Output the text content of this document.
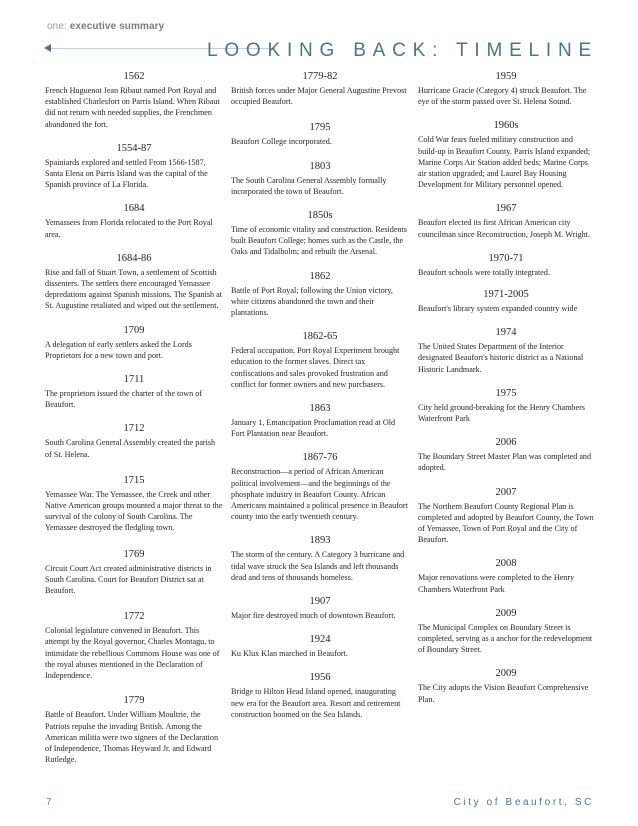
one: executive summary
LOOKING BACK: TIMELINE
1562
French Huguenot Jean Ribaut named Port Royal and established Charlesfort on Parris Island. When Ribaut did not return with needed supplies, the Frenchmen abandoned the fort.
1554-87
Spainiards explored and settled From 1566-1587, Santa Elena on Parris Island was the capital of the Spanish province of La Florida.
1684
Yemassees from Florida relocated to the Port Royal area.
1684-86
Rise and fall of Stuart Town, a settlement of Scottish dissenters. The settlers there encouraged Yemassee depredations against Spanish missions. The Spanish at St. Augustine retaliated and wiped out the settlement.
1709
A delegation of early settlers asked the Lords Proprietors for a new town and port.
1711
The proprietors issued the charter of the town of Beaufort.
1712
South Carolina General Assembly created the parish of St. Helena.
1715
Yemassee War. The Yemassee, the Creek and other Native American groups mounted a major threat to the survival of the colony of South Carolina. The Yemassee destroyed the fledgling town.
1769
Circuit Court Act created administrative districts in South Carolina. Court for Beaufort District sat at Beaufort.
1772
Colonial legislature convened in Beaufort. This attempt by the Royal governor, Charles Montagu, to intimidate the rebellious Commons House was one of the royal abuses mentioned in the Declaration of Independence.
1779
Battle of Beaufort. Under William Moultrie, the Patriots repulse the invading British. Among the American militia were two signers of the Declaration of Independence, Thomas Heyward Jr. and Edward Rutledge.
1779-82
British forces under Major General Augustine Prevost occupied Beaufort.
1795
Beaufort College incorporated.
1803
The South Carolina General Assembly formally incorporated the town of Beaufort.
1850s
Time of economic vitality and construction. Residents built Beaufort College; homes such as the Castle, the Oaks and Tidalholm; and rebuilt the Arsenal.
1862
Battle of Port Royal; following the Union victory, white citizens abandoned the town and their plantations.
1862-65
Federal occupation. Port Royal Experiment brought education to the former slaves. Direct tax confiscations and sales provoked frustration and conflict for former owners and new purchasers.
1863
January 1, Emancipation Proclamation read at Old Fort Plantation near Beaufort.
1867-76
Reconstruction—a period of African American political involvement—and the beginnings of the phosphate industry in Beaufort County. African Americans maintained a political presence in Beaufort county into the early twentieth century.
1893
The storm of the century. A Category 3 hurricane and tidal wave struck the Sea Islands and left thousands dead and tens of thousands homeless.
1907
Major fire destroyed much of downtown Beaufort.
1924
Ku Klux Klan marched in Beaufort.
1956
Bridge to Hilton Head Island opened, inaugurating new era for the Beaufort area. Resort and retirement construction boomed on the Sea Islands.
1959
Hurricane Gracie (Category 4) struck Beaufort. The eye of the storm passed over St. Helena Sound.
1960s
Cold War fears fueled military construction and build-up in Beaufort County. Parris Island expanded; Marine Corps Air Station added beds; Marine Corps air station upgraded; and Laurel Bay Housing Development for Military personnel opened.
1967
Beaufort elected its first African American city councilman since Reconstruction, Joseph M. Wright.
1970-71
Beaufort schools were totally integrated.
1971-2005
Beaufort's library system expanded country wide
1974
The United States Department of the Interior designated Beaufort's historic district as a National Historic Landmark.
1975
City held ground-breaking for the Henry Chambers Waterfront Park
2006
The Boundary Street Master Plan was completed and adopted.
2007
The Northern Beaufort County Regional Plan is completed and adopted by Beaufort County, the Town of Yemassee, Town of Port Royal and the City of Beaufort.
2008
Major renovations were completed to the Henry Chambers Waterfront Park
2009
The Municipal Complex on Boundary Street is completed, serving as a anchor for the redevelopment of Boundary Street.
2009
The City adopts the Vision Beaufort Comprehensive Plan.
7	City of Beaufort, SC
